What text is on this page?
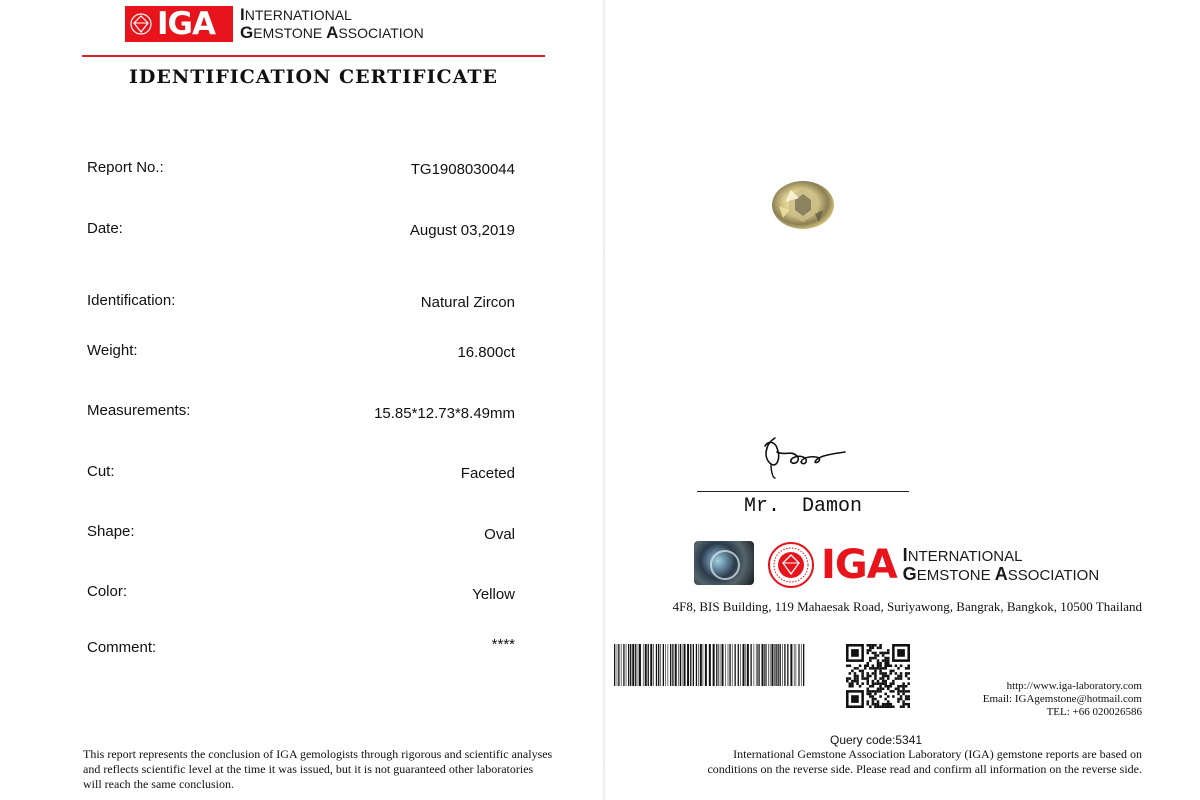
IGA INTERNATIONAL
GEMSTONE ASSOCIATION
IDENTIFICATION CERTIFICATE
Report No.:	TG1908030044
Date:	August 03,2019
Identification:	Natural Zircon
Weight:	16.800ct
Measurements:	15.85*12.73*8.49mm
Cut:	Faceted
Shape:	Oval
Color:	Yellow
Comment:	****
This report represents the conclusion of IGA gemologists through rigorous and scientific analyses and reflects scientific level at the time it was issued, but it is not guaranteed other laboratories will reach the same conclusion.
Mr. Damon
IGA INTERNATIONAL
GEMSTONE ASSOCIATION
4F8, BIS Building, 119 Mahaesak Road, Suriyawong, Bangrak, Bangkok, 10500 Thailand
http://www.iga-laboratory.com
Email: IGAgemstone@hotmail.com
TEL: +66 020026586
Query code:5341
International Gemstone Association Laboratory (IGA) gemstone reports are based on conditions on the reverse side. Please read and confirm all information on the reverse side.
